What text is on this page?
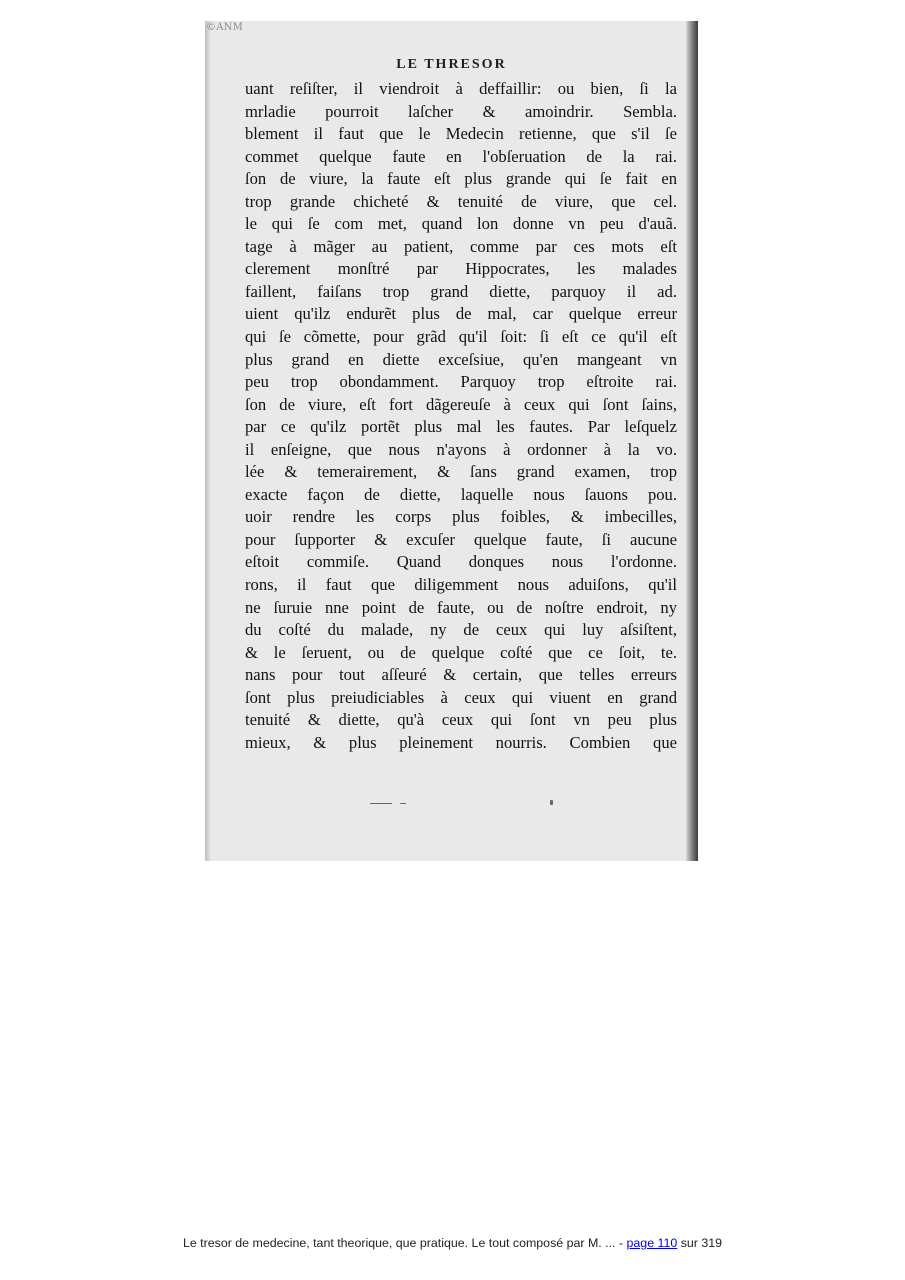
©ANM
LE THRESOR
uant reſiſter, il viendroit à deffaillir: ou bien, ſi la
mrladie pourroit laſcher & amoindrir. Sembla.
blement il faut que le Medecin retienne, que s'il ſe
commet quelque faute en l'obſeruation de la rai.
ſon de viure, la faute eſt plus grande qui ſe fait en
trop grande chicheté & tenuité de viure, que cel.
le qui ſe com met, quand lon donne vn peu d'auã.
tage à mãger au patient, comme par ces mots eſt
clerement monſtré par Hippocrates, les malades
faillent, faiſans trop grand diette, parquoy il ad.
uient qu'ilz endurẽt plus de mal, car quelque erreur
qui ſe cõmette, pour grãd qu'il ſoit: ſi eſt ce qu'il eſt
plus grand en diette exceſsiue, qu'en mangeant vn
peu trop obondamment. Parquoy trop eſtroite rai.
ſon de viure, eſt fort dãgereuſe à ceux qui ſont ſains,
par ce qu'ilz portẽt plus mal les fautes. Par leſquelz
il enſeigne, que nous n'ayons à ordonner à la vo.
lée & temerairement, & ſans grand examen, trop
exacte façon de diette, laquelle nous ſauons pou.
uoir rendre les corps plus foibles, & imbecilles,
pour ſupporter & excuſer quelque faute, ſi aucune
eſtoit commiſe. Quand donques nous l'ordonne.
rons, il faut que diligemment nous aduiſons, qu'il
ne ſuruie nne point de faute, ou de noſtre endroit, ny
du coſté du malade, ny de ceux qui luy aſsiſtent,
& le ſeruent, ou de quelque coſté que ce ſoit, te.
nans pour tout aſſeuré & certain, que telles erreurs
ſont plus preiudiciables à ceux qui viuent en grand
tenuité & diette, qu'à ceux qui ſont vn peu plus
mieux, & plus pleinement nourris. Combien que
Le tresor de medecine, tant theorique, que pratique. Le tout composé par M. ... - page 110 sur 319
